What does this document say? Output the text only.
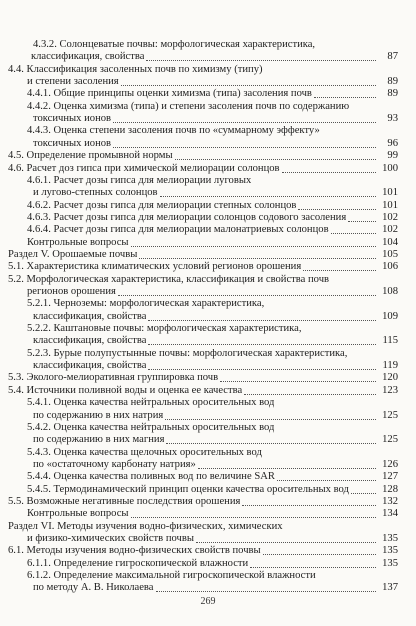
4.3.2. Солонцеватые почвы: морфологическая характеристика,
классификация, свойства	87
4.4. Классификация засоленных почв по химизму (типу)
и степени засоления	89
4.4.1. Общие принципы оценки химизма (типа) засоления почв	89
4.4.2. Оценка химизма (типа) и степени засоления почв по содержанию
токсичных ионов	93
4.4.3. Оценка степени засоления почв по «суммарному эффекту»
токсичных ионов	96
4.5. Определение промывной нормы	99
4.6. Расчет доз гипса при химической мелиорации солонцов	100
4.6.1. Расчет дозы гипса для мелиорации луговых
и лугово-степных солонцов	101
4.6.2. Расчет дозы гипса для мелиорации степных солонцов	101
4.6.3. Расчет дозы гипса для мелиорации солонцов содового засоления	102
4.6.4. Расчет дозы гипса для мелиорации малонатриевых солонцов	102
Контрольные вопросы	104
Раздел V. Орошаемые почвы	105
5.1. Характеристика климатических условий регионов орошения	106
5.2. Морфологическая характеристика, классификация и свойства почв
регионов орошения	108
5.2.1. Черноземы: морфологическая характеристика,
классификация, свойства	109
5.2.2. Каштановые почвы: морфологическая характеристика,
классификация, свойства	115
5.2.3. Бурые полупустынные почвы: морфологическая характеристика,
классификация, свойства	119
5.3. Эколого-мелиоративная группировка почв	120
5.4. Источники поливной воды и оценка ее качества	123
5.4.1. Оценка качества нейтральных оросительных вод
по содержанию в них натрия	125
5.4.2. Оценка качества нейтральных оросительных вод
по содержанию в них магния	125
5.4.3. Оценка качества щелочных оросительных вод
по «остаточному карбонату натрия»	126
5.4.4. Оценка качества поливных вод по величине SAR	127
5.4.5. Термодинамический принцип оценки качества оросительных вод	128
5.5. Возможные негативные последствия орошения	132
Контрольные вопросы	134
Раздел VI. Методы изучения водно-физических, химических
и физико-химических свойств почвы	135
6.1. Методы изучения водно-физических свойств почвы	135
6.1.1. Определение гигроскопической влажности	135
6.1.2. Определение максимальной гигроскопической влажности
по методу А. В. Николаева	137
269
